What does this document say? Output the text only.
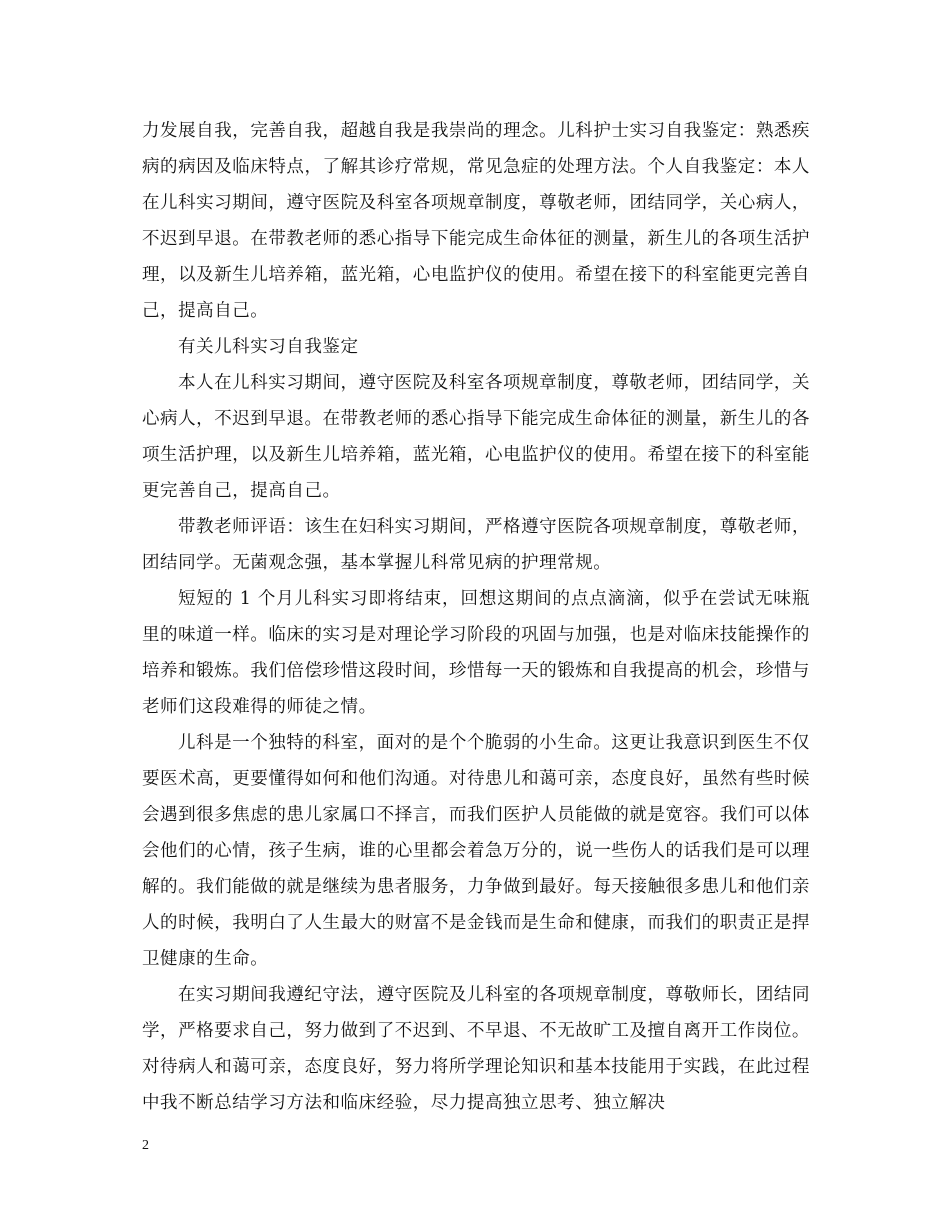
力发展自我，完善自我，超越自我是我崇尚的理念。儿科护士实习自我鉴定：熟悉疾病的病因及临床特点，了解其诊疗常规，常见急症的处理方法。个人自我鉴定：本人在儿科实习期间，遵守医院及科室各项规章制度，尊敬老师，团结同学，关心病人，不迟到早退。在带教老师的悉心指导下能完成生命体征的测量，新生儿的各项生活护理，以及新生儿培养箱，蓝光箱，心电监护仪的使用。希望在接下的科室能更完善自己，提高自己。

有关儿科实习自我鉴定

本人在儿科实习期间，遵守医院及科室各项规章制度，尊敬老师，团结同学，关心病人，不迟到早退。在带教老师的悉心指导下能完成生命体征的测量，新生儿的各项生活护理，以及新生儿培养箱，蓝光箱，心电监护仪的使用。希望在接下的科室能更完善自己，提高自己。

带教老师评语：该生在妇科实习期间，严格遵守医院各项规章制度，尊敬老师，团结同学。无菌观念强，基本掌握儿科常见病的护理常规。

短短的 1 个月儿科实习即将结束，回想这期间的点点滴滴，似乎在尝试无味瓶里的味道一样。临床的实习是对理论学习阶段的巩固与加强，也是对临床技能操作的培养和锻炼。我们倍偿珍惜这段时间，珍惜每一天的锻炼和自我提高的机会，珍惜与老师们这段难得的师徒之情。

儿科是一个独特的科室，面对的是个个脆弱的小生命。这更让我意识到医生不仅要医术高，更要懂得如何和他们沟通。对待患儿和蔼可亲，态度良好，虽然有些时候会遇到很多焦虑的患儿家属口不择言，而我们医护人员能做的就是宽容。我们可以体会他们的心情，孩子生病，谁的心里都会着急万分的，说一些伤人的话我们是可以理解的。我们能做的就是继续为患者服务，力争做到最好。每天接触很多患儿和他们亲人的时候，我明白了人生最大的财富不是金钱而是生命和健康，而我们的职责正是捍卫健康的生命。

在实习期间我遵纪守法，遵守医院及儿科室的各项规章制度，尊敬师长，团结同学，严格要求自己，努力做到了不迟到、不早退、不无故旷工及擅自离开工作岗位。对待病人和蔼可亲，态度良好，努力将所学理论知识和基本技能用于实践，在此过程中我不断总结学习方法和临床经验，尽力提高独立思考、独立解决

2
